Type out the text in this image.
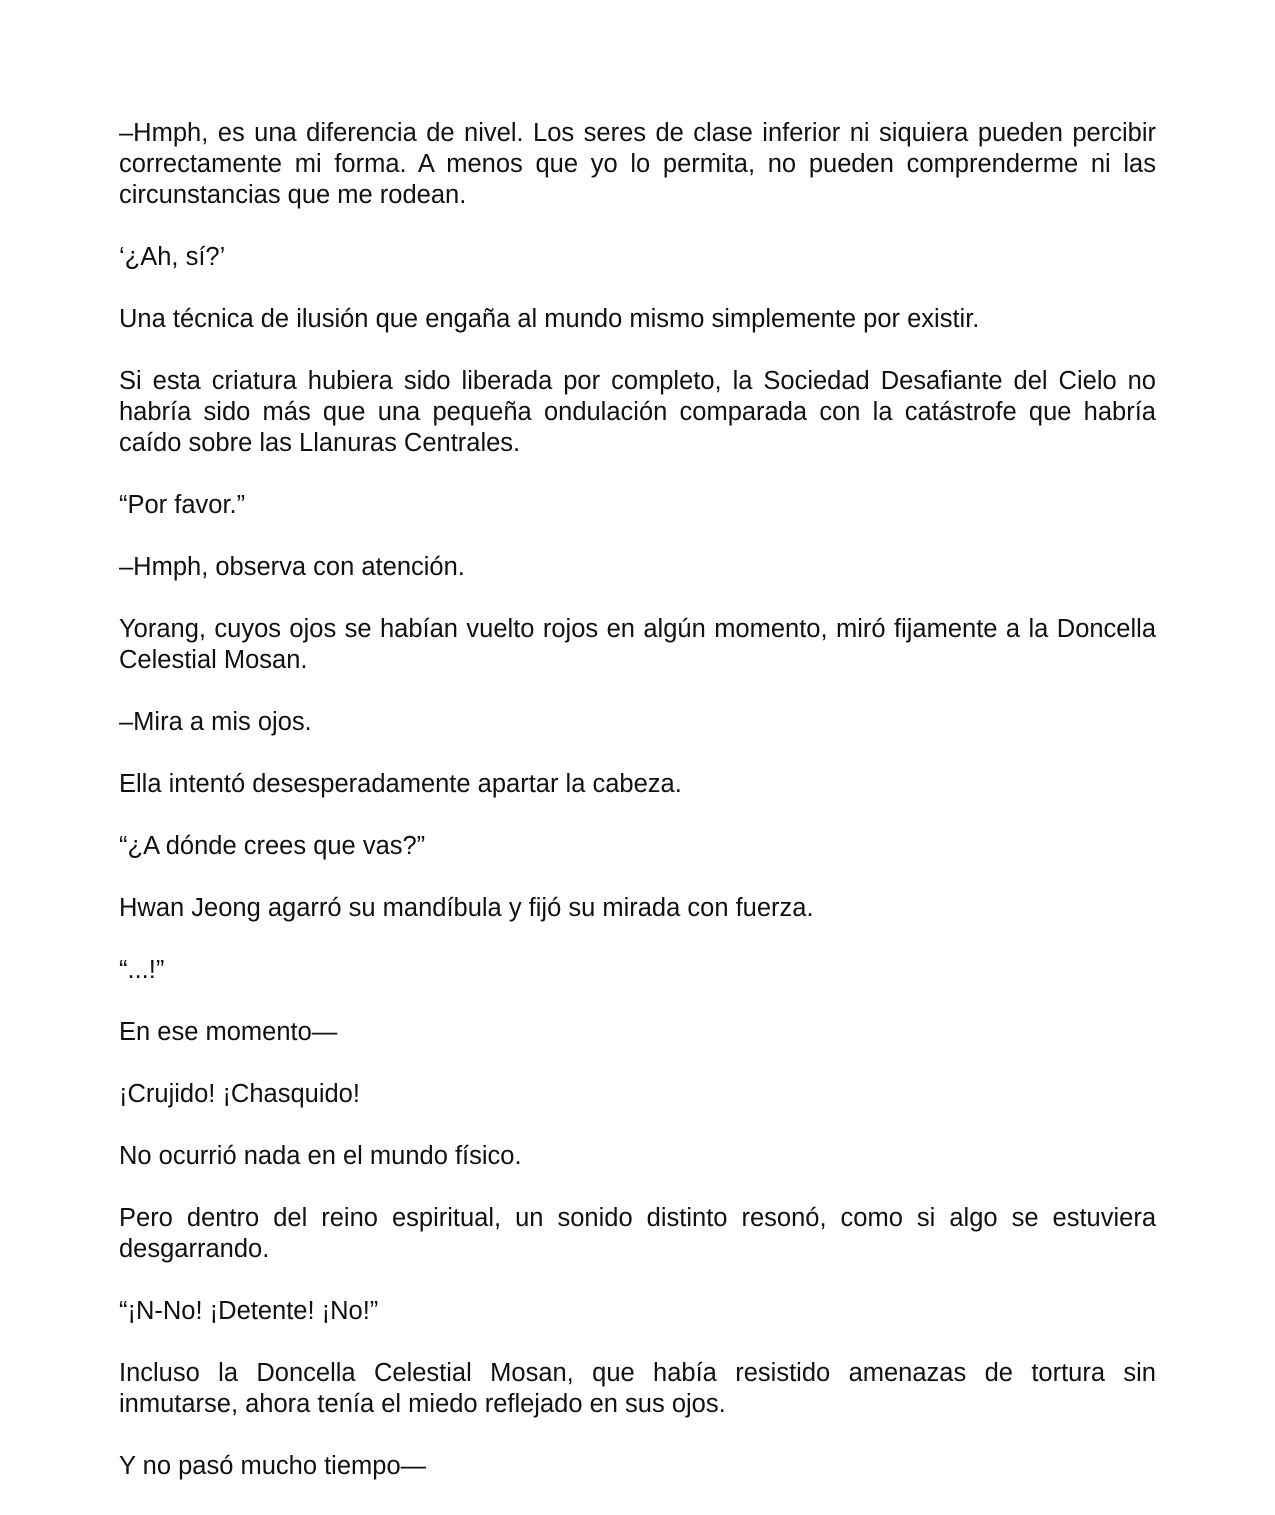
–Hmph, es una diferencia de nivel. Los seres de clase inferior ni siquiera pueden percibir correctamente mi forma. A menos que yo lo permita, no pueden comprenderme ni las circunstancias que me rodean.

‘¿Ah, sí?’

Una técnica de ilusión que engaña al mundo mismo simplemente por existir.

Si esta criatura hubiera sido liberada por completo, la Sociedad Desafiante del Cielo no habría sido más que una pequeña ondulación comparada con la catástrofe que habría caído sobre las Llanuras Centrales.

“Por favor.”

–Hmph, observa con atención.

Yorang, cuyos ojos se habían vuelto rojos en algún momento, miró fijamente a la Doncella Celestial Mosan.

–Mira a mis ojos.

Ella intentó desesperadamente apartar la cabeza.

“¿A dónde crees que vas?”

Hwan Jeong agarró su mandíbula y fijó su mirada con fuerza.

“...!”

En ese momento—

¡Crujido! ¡Chasquido!

No ocurrió nada en el mundo físico.

Pero dentro del reino espiritual, un sonido distinto resonó, como si algo se estuviera desgarrando.

“¡N-No! ¡Detente! ¡No!”

Incluso la Doncella Celestial Mosan, que había resistido amenazas de tortura sin inmutarse, ahora tenía el miedo reflejado en sus ojos.

Y no pasó mucho tiempo—
